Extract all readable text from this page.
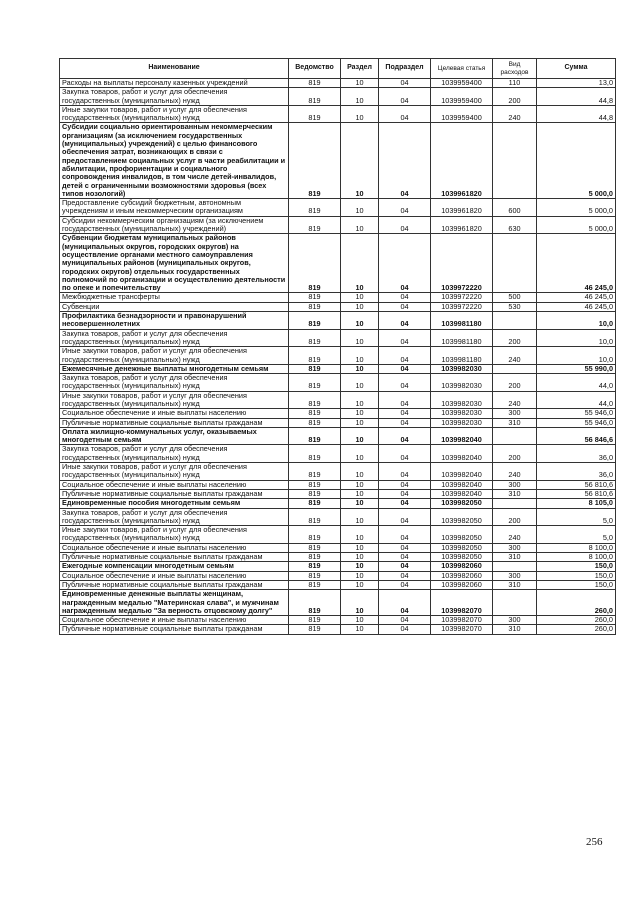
Наименование	Ведомство	Раздел	Подраздел	Целевая статья	Вид расходов	Сумма
Расходы на выплаты персоналу казенных учреждений	819	10	04	1039959400	110	13,0
Закупка товаров, работ и услуг для обеспечения государственных (муниципальных) нужд	819	10	04	1039959400	200	44,8
Иные закупки товаров, работ и услуг для обеспечения государственных (муниципальных) нужд	819	10	04	1039959400	240	44,8
Субсидии социально ориентированным некоммерческим организациям (за исключением государственных (муниципальных) учреждений) с целью финансового обеспечения затрат, возникающих в связи с предоставлением социальных услуг в части реабилитации и абилитации, профориентации и социального сопровождения инвалидов, в том числе детей-инвалидов, детей с ограниченными возможностями здоровья (всех типов нозологий)	819	10	04	1039961820		5 000,0
Предоставление субсидий бюджетным, автономным учреждениям и иным некоммерческим организациям	819	10	04	1039961820	600	5 000,0
Субсидии некоммерческим организациям (за исключением государственных (муниципальных) учреждений)	819	10	04	1039961820	630	5 000,0
Субвенции бюджетам муниципальных районов (муниципальных округов, городских округов) на осуществление органами местного самоуправления муниципальных районов (муниципальных округов, городских округов) отдельных государственных полномочий по организации и осуществлению деятельности по опеке и попечительству	819	10	04	1039972220		46 245,0
Межбюджетные трансферты	819	10	04	1039972220	500	46 245,0
Субвенции	819	10	04	1039972220	530	46 245,0
Профилактика безнадзорности и правонарушений несовершеннолетних	819	10	04	1039981180		10,0
Закупка товаров, работ и услуг для обеспечения государственных (муниципальных) нужд	819	10	04	1039981180	200	10,0
Иные закупки товаров, работ и услуг для обеспечения государственных (муниципальных) нужд	819	10	04	1039981180	240	10,0
Ежемесячные денежные выплаты многодетным семьям	819	10	04	1039982030		55 990,0
Закупка товаров, работ и услуг для обеспечения государственных (муниципальных) нужд	819	10	04	1039982030	200	44,0
Иные закупки товаров, работ и услуг для обеспечения государственных (муниципальных) нужд	819	10	04	1039982030	240	44,0
Социальное обеспечение и иные выплаты населению	819	10	04	1039982030	300	55 946,0
Публичные нормативные социальные выплаты гражданам	819	10	04	1039982030	310	55 946,0
Оплата жилищно-коммунальных услуг, оказываемых многодетным семьям	819	10	04	1039982040		56 846,6
Закупка товаров, работ и услуг для обеспечения государственных (муниципальных) нужд	819	10	04	1039982040	200	36,0
Иные закупки товаров, работ и услуг для обеспечения государственных (муниципальных) нужд	819	10	04	1039982040	240	36,0
Социальное обеспечение и иные выплаты населению	819	10	04	1039982040	300	56 810,6
Публичные нормативные социальные выплаты гражданам	819	10	04	1039982040	310	56 810,6
Единовременные пособия многодетным семьям	819	10	04	1039982050		8 105,0
Закупка товаров, работ и услуг для обеспечения государственных (муниципальных) нужд	819	10	04	1039982050	200	5,0
Иные закупки товаров, работ и услуг для обеспечения государственных (муниципальных) нужд	819	10	04	1039982050	240	5,0
Социальное обеспечение и иные выплаты населению	819	10	04	1039982050	300	8 100,0
Публичные нормативные социальные выплаты гражданам	819	10	04	1039982050	310	8 100,0
Ежегодные компенсации многодетным семьям	819	10	04	1039982060		150,0
Социальное обеспечение и иные выплаты населению	819	10	04	1039982060	300	150,0
Публичные нормативные социальные выплаты гражданам	819	10	04	1039982060	310	150,0
Единовременные денежные выплаты женщинам, награжденным медалью "Материнская слава", и мужчинам награжденным медалью "За верность отцовскому долгу"	819	10	04	1039982070		260,0
Социальное обеспечение и иные выплаты населению	819	10	04	1039982070	300	260,0
Публичные нормативные социальные выплаты гражданам	819	10	04	1039982070	310	260,0
256
